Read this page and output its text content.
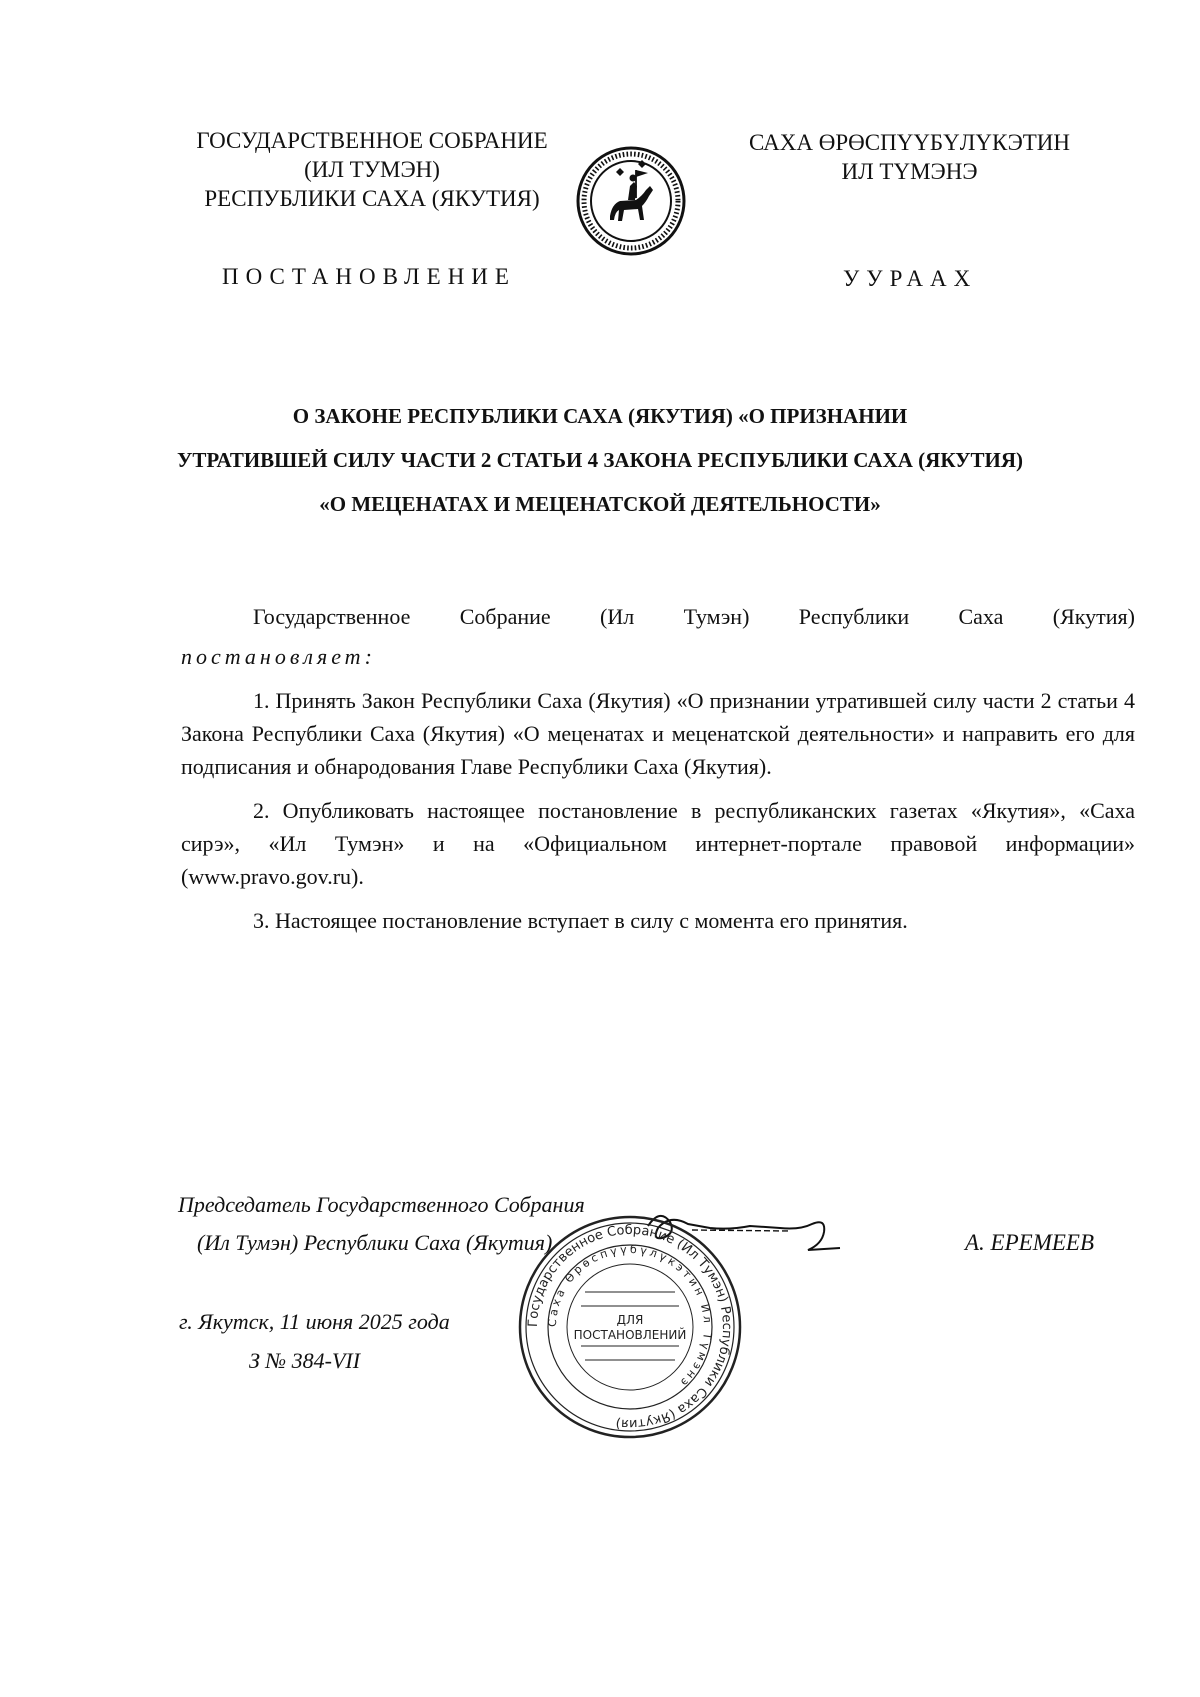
ГОСУДАРСТВЕННОЕ СОБРАНИЕ
(ИЛ ТУМЭН)
РЕСПУБЛИКИ САХА (ЯКУТИЯ)
ПОСТАНОВЛЕНИЕ
САХА ӨРӨСПҮҮБҮЛҮКЭТИН
ИЛ ТҮМЭНЭ
УУРААХ
О ЗАКОНЕ РЕСПУБЛИКИ САХА (ЯКУТИЯ) «О ПРИЗНАНИИ
УТРАТИВШЕЙ СИЛУ ЧАСТИ 2 СТАТЬИ 4 ЗАКОНА РЕСПУБЛИКИ САХА (ЯКУТИЯ)
«О МЕЦЕНАТАХ И МЕЦЕНАТСКОЙ ДЕЯТЕЛЬНОСТИ»

Государственное Собрание (Ил Тумэн) Республики Саха (Якутия)

постановляет:

1. Принять Закон Республики Саха (Якутия) «О признании утратившей силу части 2 статьи 4 Закона Республики Саха (Якутия) «О меценатах и меценатской деятельности» и направить его для подписания и обнародования Главе Республики Саха (Якутия).

2. Опубликовать настоящее постановление в республиканских газетах «Якутия», «Саха сирэ», «Ил Тумэн» и на «Официальном интернет-портале правовой информации» (www.pravo.gov.ru).

3. Настоящее постановление вступает в силу с момента его принятия.

Председатель Государственного Собрания
(Ил Тумэн) Республики Саха (Якутия)	А. ЕРЕМЕЕВ
г. Якутск, 11 июня 2025 года
З № 384-VII
Государственное Собрание (Ил Тумэн) Республики Саха (Якутия)
Саха Өрөспүүбүлүкэтин Ил Түмэнэ
ДЛЯ
ПОСТАНОВЛЕНИЙ
